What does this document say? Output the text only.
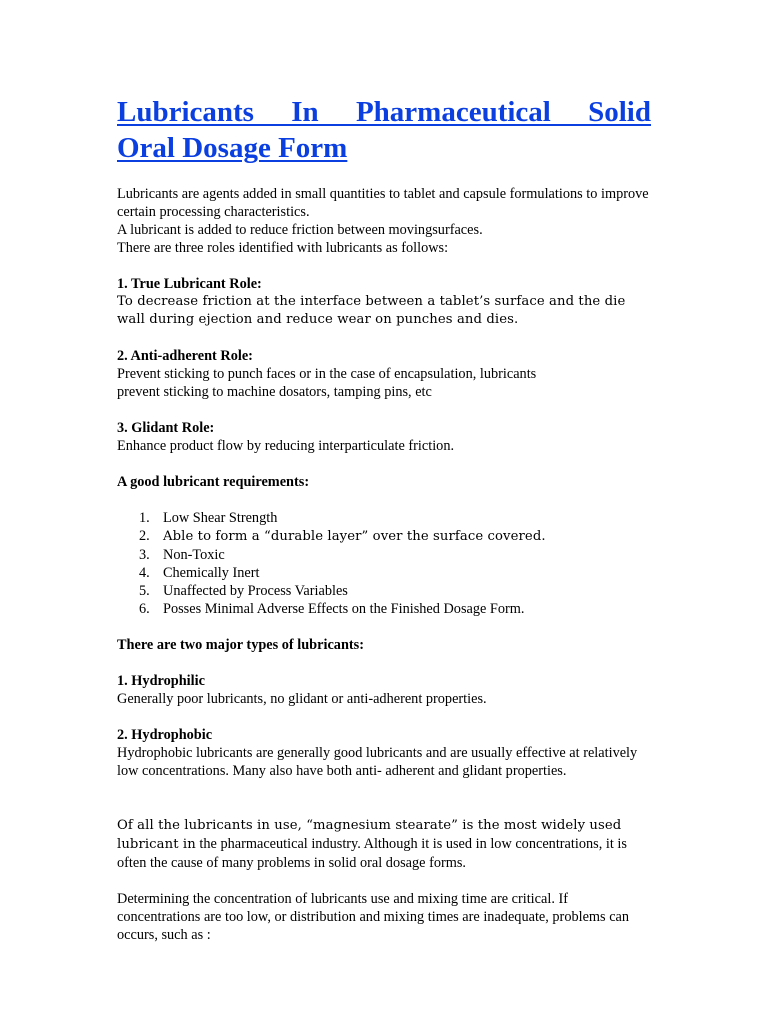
Lubricants In Pharmaceutical Solid
Oral Dosage Form

Lubricants are agents added in small quantities to tablet and capsule formulations to improve certain processing characteristics.

A lubricant is added to reduce friction between movingsurfaces.

There are three roles identified with lubricants as follows:

1. True Lubricant Role:

To decrease friction at the interface between a tablet’s surface and the die wall during ejection and reduce wear on punches and dies.

2. Anti-adherent Role:

Prevent sticking to punch faces or in the case of encapsulation, lubricants

prevent sticking to machine dosators, tamping pins, etc

3. Glidant Role:

Enhance product flow by reducing interparticulate friction.

A good lubricant requirements:

1. Low Shear Strength
2. Able to form a “durable layer” over the surface covered.
3. Non-Toxic
4. Chemically Inert
5. Unaffected by Process Variables
6. Posses Minimal Adverse Effects on the Finished Dosage Form.

There are two major types of lubricants:

1. Hydrophilic

Generally poor lubricants, no glidant or anti-adherent properties.

2. Hydrophobic

Hydrophobic lubricants are generally good lubricants and are usually effective at relatively low concentrations. Many also have both anti- adherent and glidant properties.

Of all the lubricants in use, “magnesium stearate” is the most widely used lubricant in the pharmaceutical industry. Although it is used in low concentrations, it is often the cause of many problems in solid oral dosage forms.

Determining the concentration of lubricants use and mixing time are critical. If concentrations are too low, or distribution and mixing times are inadequate, problems can occurs, such as :
